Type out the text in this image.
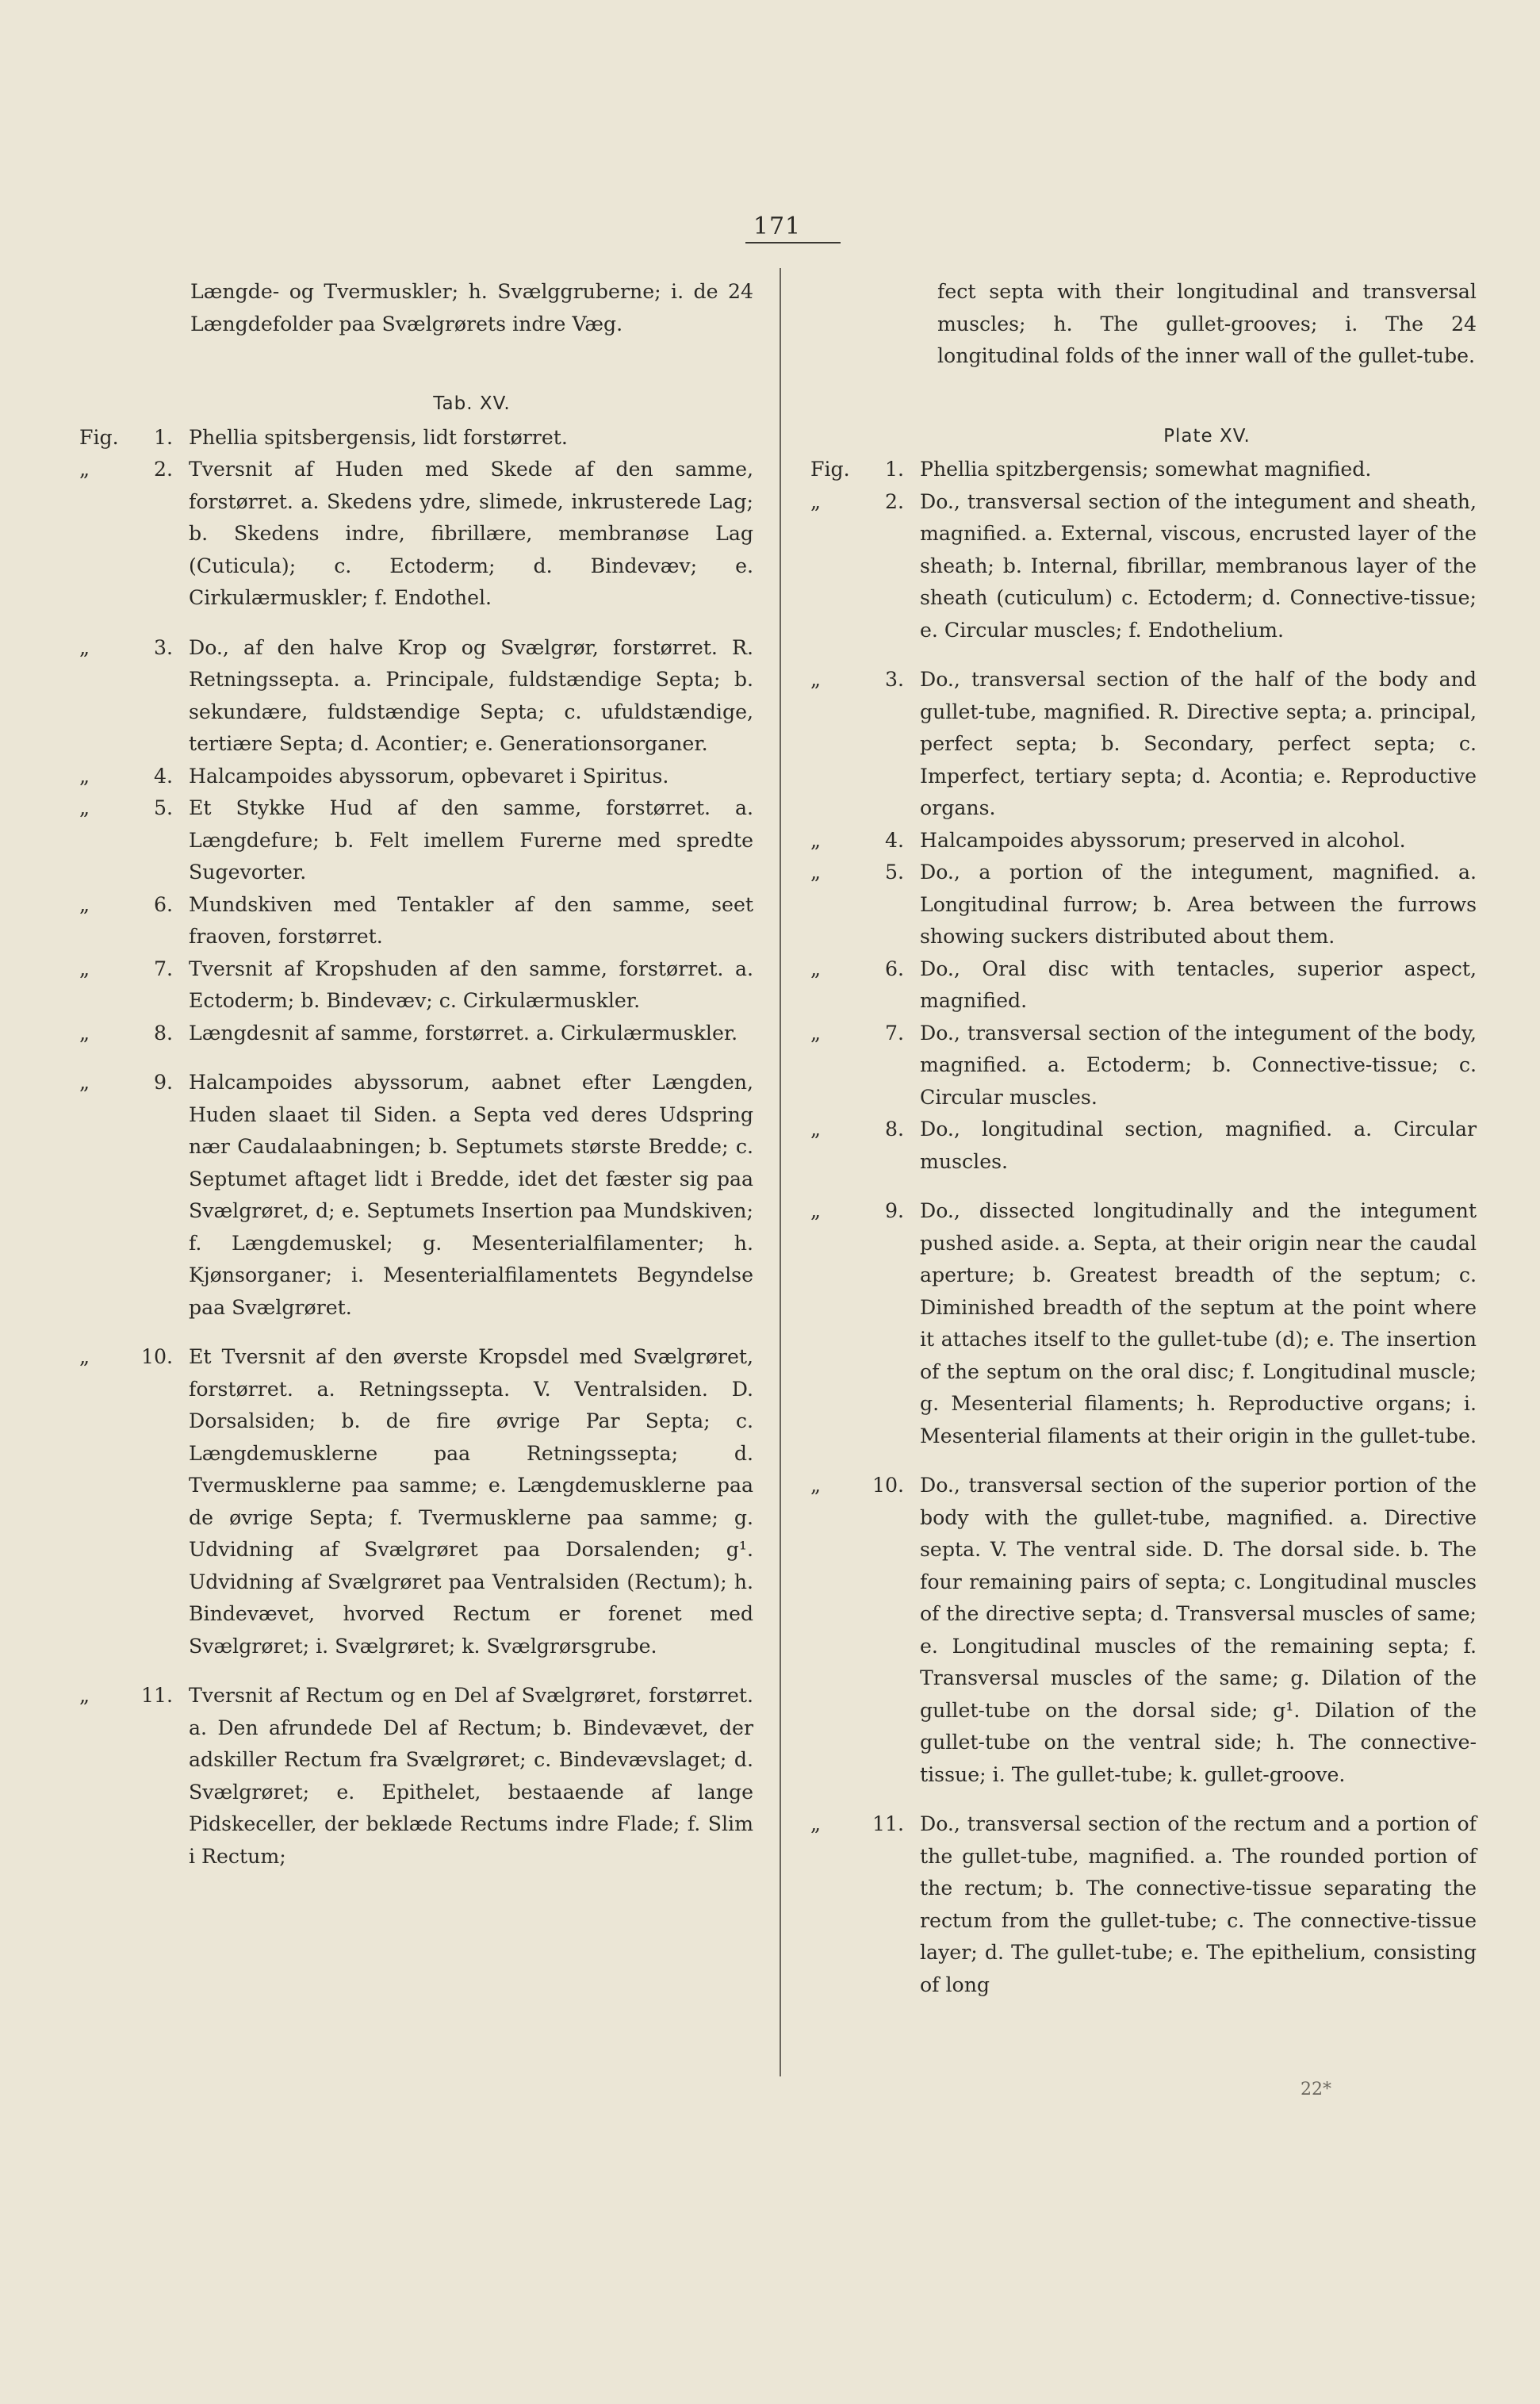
171

Længde- og Tvermuskler; h. Svælggruberne; i. de 24 Længdefolder paa Svælgrørets indre Væg.

Tab. XV.
Fig.	1. Phellia spitsbergensis, lidt forstørret.
„	2. Tversnit af Huden med Skede af den samme, forstørret. a. Skedens ydre, slimede, inkrusterede Lag; b. Skedens indre, fibrillære, membranøse Lag (Cuticula); c. Ectoderm; d. Bindevæv; e. Cirkulærmuskler; f. Endothel.
„	3. Do., af den halve Krop og Svælgrør, forstørret. R. Retningssepta. a. Principale, fuldstændige Septa; b. sekundære, fuldstændige Septa; c. ufuldstændige, tertiære Septa; d. Acontier; e. Generationsorganer.
„	4. Halcampoides abyssorum, opbevaret i Spiritus.
„	5. Et Stykke Hud af den samme, forstørret. a. Længdefure; b. Felt imellem Furerne med spredte Sugevorter.
„	6. Mundskiven med Tentakler af den samme, seet fraoven, forstørret.
„	7. Tversnit af Kropshuden af den samme, forstørret. a. Ectoderm; b. Bindevæv; c. Cirkulærmuskler.
„	8. Længdesnit af samme, forstørret. a. Cirkulærmuskler.
„	9. Halcampoides abyssorum, aabnet efter Længden, Huden slaaet til Siden. a Septa ved deres Udspring nær Caudalaabningen; b. Septumets største Bredde; c. Septumet aftaget lidt i Bredde, idet det fæster sig paa Svælgrøret, d; e. Septumets Insertion paa Mundskiven; f. Længdemuskel; g. Mesenterialfilamenter; h. Kjønsorganer; i. Mesenterialfilamentets Begyndelse paa Svælgrøret.
„	10. Et Tversnit af den øverste Kropsdel med Svælgrøret, forstørret. a. Retningssepta. V. Ventralsiden. D. Dorsalsiden; b. de fire øvrige Par Septa; c. Længdemusklerne paa Retningssepta; d. Tvermusklerne paa samme; e. Længdemusklerne paa de øvrige Septa; f. Tvermusklerne paa samme; g. Udvidning af Svælgrøret paa Dorsalenden; g¹. Udvidning af Svælgrøret paa Ventralsiden (Rectum); h. Bindevævet, hvorved Rectum er forenet med Svælgrøret; i. Svælgrøret; k. Svælgrørsgrube.
„	11. Tversnit af Rectum og en Del af Svælgrøret, forstørret. a. Den afrundede Del af Rectum; b. Bindevævet, der adskiller Rectum fra Svælgrøret; c. Bindevævslaget; d. Svælgrøret; e. Epithelet, bestaaende af lange Pidskeceller, der beklæde Rectums indre Flade; f. Slim i Rectum;

fect septa with their longitudinal and transversal muscles; h. The gullet-grooves; i. The 24 longitudinal folds of the inner wall of the gullet-tube.

Plate XV.
Fig.	1. Phellia spitzbergensis; somewhat magnified.
„	2. Do., transversal section of the integument and sheath, magnified. a. External, viscous, encrusted layer of the sheath; b. Internal, fibrillar, membranous layer of the sheath (cuticulum) c. Ectoderm; d. Connective-tissue; e. Circular muscles; f. Endothelium.
„	3. Do., transversal section of the half of the body and gullet-tube, magnified. R. Directive septa; a. principal, perfect septa; b. Secondary, perfect septa; c. Imperfect, tertiary septa; d. Acontia; e. Reproductive organs.
„	4. Halcampoides abyssorum; preserved in alcohol.
„	5. Do., a portion of the integument, magnified. a. Longitudinal furrow; b. Area between the furrows showing suckers distributed about them.
„	6. Do., Oral disc with tentacles, superior aspect, magnified.
„	7. Do., transversal section of the integument of the body, magnified. a. Ectoderm; b. Connective-tissue; c. Circular muscles.
„	8. Do., longitudinal section, magnified. a. Circular muscles.
„	9. Do., dissected longitudinally and the integument pushed aside. a. Septa, at their origin near the caudal aperture; b. Greatest breadth of the septum; c. Diminished breadth of the septum at the point where it attaches itself to the gullet-tube (d); e. The insertion of the septum on the oral disc; f. Longitudinal muscle; g. Mesenterial filaments; h. Reproductive organs; i. Mesenterial filaments at their origin in the gullet-tube.
„	10. Do., transversal section of the superior portion of the body with the gullet-tube, magnified. a. Directive septa. V. The ventral side. D. The dorsal side. b. The four remaining pairs of septa; c. Longitudinal muscles of the directive septa; d. Transversal muscles of same; e. Longitudinal muscles of the remaining septa; f. Transversal muscles of the same; g. Dilation of the gullet-tube on the dorsal side; g¹. Dilation of the gullet-tube on the ventral side; h. The connective-tissue; i. The gullet-tube; k. gullet-groove.
„	11. Do., transversal section of the rectum and a portion of the gullet-tube, magnified. a. The rounded portion of the rectum; b. The connective-tissue separating the rectum from the gullet-tube; c. The connective-tissue layer; d. The gullet-tube; e. The epithelium, consisting of long
22*
